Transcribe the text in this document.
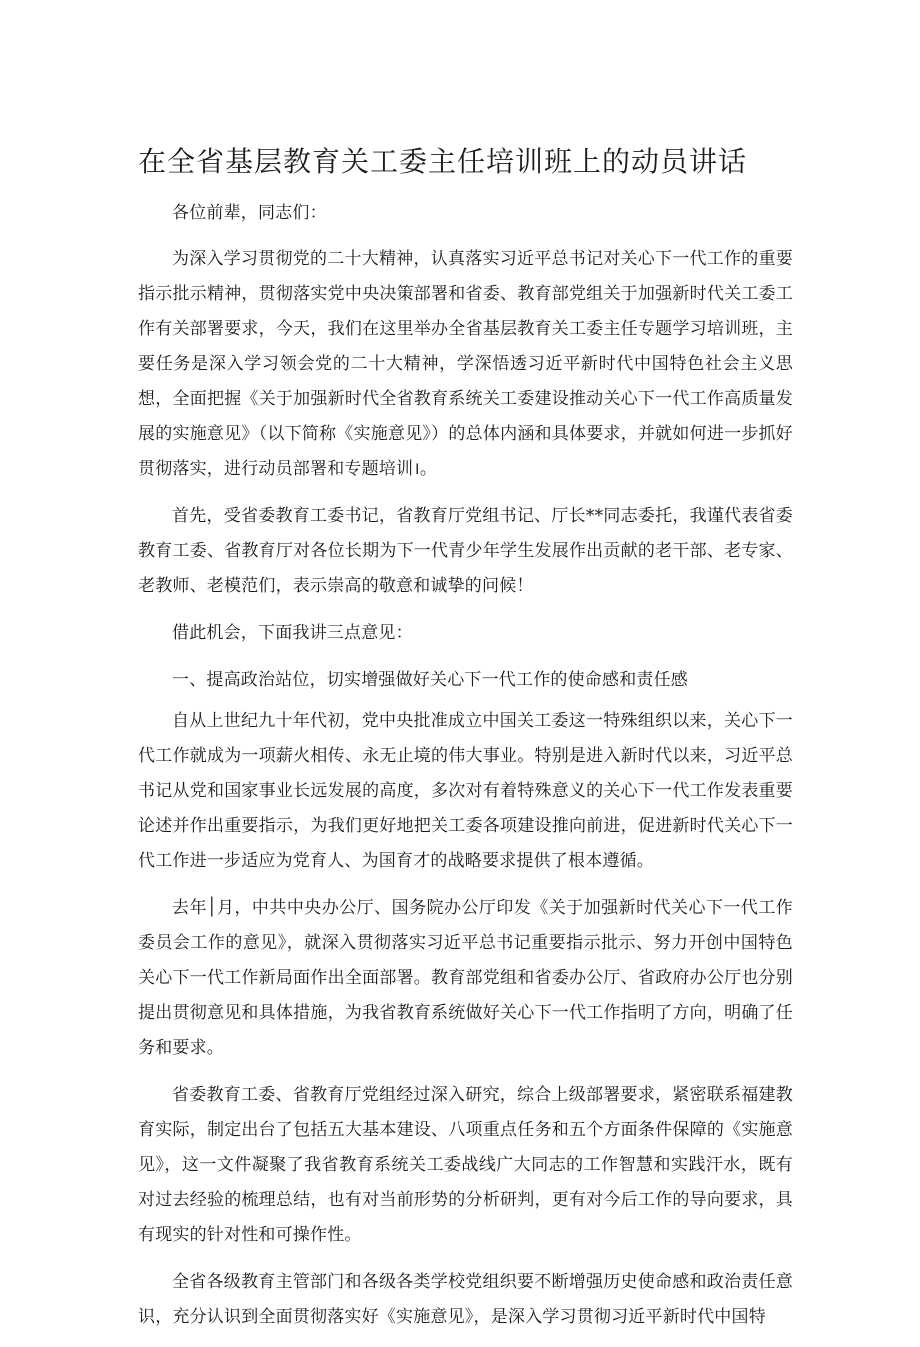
在全省基层教育关工委主任培训班上的动员讲话

各位前辈，同志们：

为深入学习贯彻党的二十大精神，认真落实习近平总书记对关心下一代工作的重要指示批示精神，贯彻落实党中央决策部署和省委、教育部党组关于加强新时代关工委工作有关部署要求，今天，我们在这里举办全省基层教育关工委主任专题学习培训班，主要任务是深入学习领会党的二十大精神，学深悟透习近平新时代中国特色社会主义思想，全面把握《关于加强新时代全省教育系统关工委建设推动关心下一代工作高质量发展的实施意见》（以下简称《实施意见》）的总体内涵和具体要求，并就如何进一步抓好贯彻落实，进行动员部署和专题培训।。

首先，受省委教育工委书记，省教育厅党组书记、厅长**同志委托，我谨代表省委教育工委、省教育厅对各位长期为下一代青少年学生发展作出贡献的老干部、老专家、老教师、老模范们，表示崇高的敬意和诚挚的问候！

借此机会，下面我讲三点意见：

一、提高政治站位，切实增强做好关心下一代工作的使命感和责任感

自从上世纪九十年代初，党中央批准成立中国关工委这一特殊组织以来，关心下一代工作就成为一项薪火相传、永无止境的伟大事业。特别是进入新时代以来，习近平总书记从党和国家事业长远发展的高度，多次对有着特殊意义的关心下一代工作发表重要论述并作出重要指示，为我们更好地把关工委各项建设推向前进，促进新时代关心下一代工作进一步适应为党育人、为国育才的战略要求提供了根本遵循。

去年׀月，中共中央办公厅、国务院办公厅印发《关于加强新时代关心下一代工作委员会工作的意见》，就深入贯彻落实习近平总书记重要指示批示、努力开创中国特色关心下一代工作新局面作出全面部署。教育部党组和省委办公厅、省政府办公厅也分别提出贯彻意见和具体措施，为我省教育系统做好关心下一代工作指明了方向，明确了任务和要求。

省委教育工委、省教育厅党组经过深入研究，综合上级部署要求，紧密联系福建教育实际，制定出台了包括五大基本建设、八项重点任务和五个方面条件保障的《实施意见》，这一文件凝聚了我省教育系统关工委战线广大同志的工作智慧和实践汗水，既有对过去经验的梳理总结，也有对当前形势的分析研判，更有对今后工作的导向要求，具有现实的针对性和可操作性。

全省各级教育主管部门和各级各类学校党组织要不断增强历史使命感和政治责任意识，充分认识到全面贯彻落实好《实施意见》，是深入学习贯彻习近平新时代中国特
